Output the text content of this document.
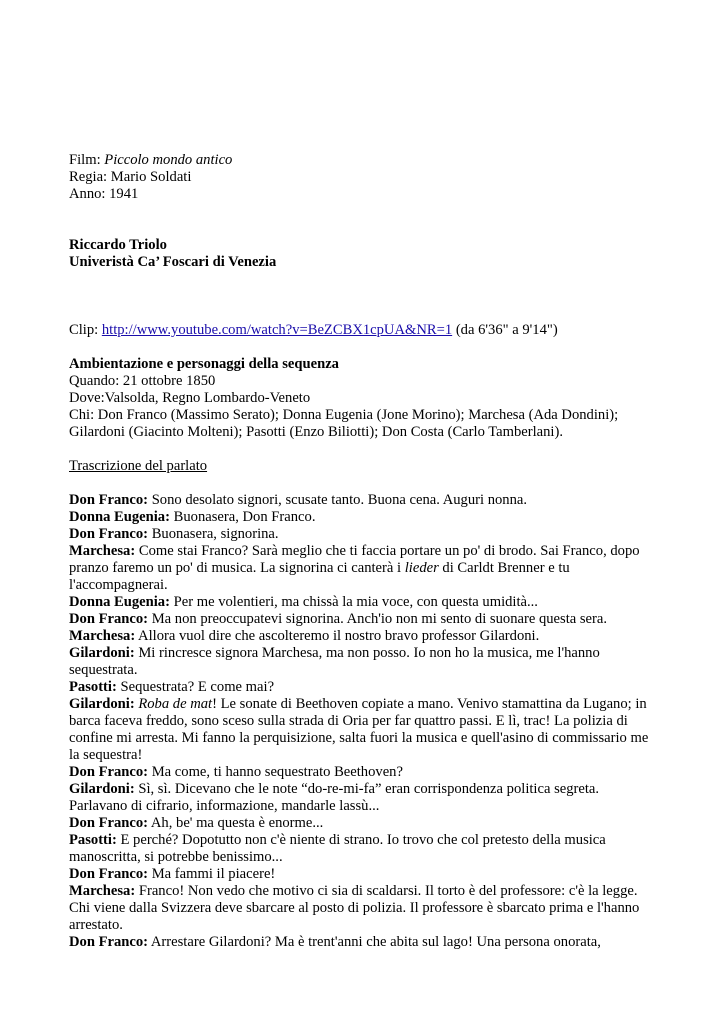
Film: Piccolo mondo antico
Regia: Mario Soldati
Anno: 1941
Riccardo Triolo
Univeristà Ca’ Foscari di Venezia
Clip: http://www.youtube.com/watch?v=BeZCBX1cpUA&NR=1 (da 6'36" a 9'14")
Ambientazione e personaggi della sequenza
Quando: 21 ottobre 1850
Dove:Valsolda, Regno Lombardo-Veneto
Chi: Don Franco (Massimo Serato); Donna Eugenia (Jone Morino); Marchesa (Ada Dondini); Gilardoni (Giacinto Molteni); Pasotti (Enzo Biliotti); Don Costa (Carlo Tamberlani).
Trascrizione del parlato

Don Franco: Sono desolato signori, scusate tanto. Buona cena. Auguri nonna.

Donna Eugenia: Buonasera, Don Franco.

Don Franco: Buonasera, signorina.

Marchesa: Come stai Franco? Sarà meglio che ti faccia portare un po' di brodo. Sai Franco, dopo pranzo faremo un po' di musica. La signorina ci canterà i lieder di Carldt Brenner e tu l'accompagnerai.

Donna Eugenia: Per me volentieri, ma chissà la mia voce, con questa umidità...

Don Franco: Ma non preoccupatevi signorina. Anch'io non mi sento di suonare questa sera.

Marchesa: Allora vuol dire che ascolteremo il nostro bravo professor Gilardoni.

Gilardoni: Mi rincresce signora Marchesa, ma non posso. Io non ho la musica, me l'hanno sequestrata.

Pasotti: Sequestrata? E come mai?

Gilardoni: Roba de mat! Le sonate di Beethoven copiate a mano. Venivo stamattina da Lugano; in barca faceva freddo, sono sceso sulla strada di Oria per far quattro passi. E lì, trac! La polizia di confine mi arresta. Mi fanno la perquisizione, salta fuori la musica e quell'asino di commissario me la sequestra!

Don Franco: Ma come, ti hanno sequestrato Beethoven?

Gilardoni: Sì, sì. Dicevano che le note “do-re-mi-fa” eran corrispondenza politica segreta. Parlavano di cifrario, informazione, mandarle lassù...

Don Franco: Ah, be' ma questa è enorme...

Pasotti: E perché? Dopotutto non c'è niente di strano. Io trovo che col pretesto della musica manoscritta, si potrebbe benissimo...

Don Franco: Ma fammi il piacere!

Marchesa: Franco! Non vedo che motivo ci sia di scaldarsi. Il torto è del professore: c'è la legge. Chi viene dalla Svizzera deve sbarcare al posto di polizia. Il professore è sbarcato prima e l'hanno arrestato.

Don Franco: Arrestare Gilardoni? Ma è trent'anni che abita sul lago! Una persona onorata,
